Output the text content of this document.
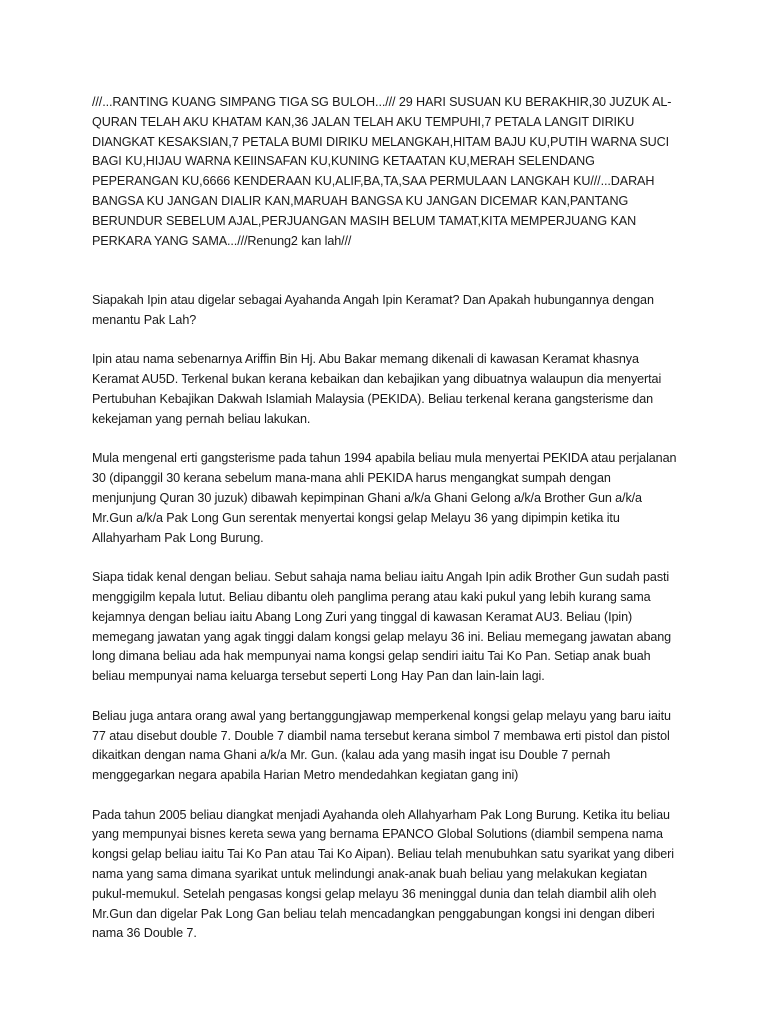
///...RANTING KUANG SIMPANG TIGA SG BULOH.../// 29 HARI SUSUAN KU BERAKHIR,30 JUZUK AL-QURAN TELAH AKU KHATAM KAN,36 JALAN TELAH AKU TEMPUHI,7 PETALA LANGIT DIRIKU DIANGKAT KESAKSIAN,7 PETALA BUMI DIRIKU MELANGKAH,HITAM BAJU KU,PUTIH WARNA SUCI BAGI KU,HIJAU WARNA KEIINSAFAN KU,KUNING KETAATAN KU,MERAH SELENDANG PEPERANGAN KU,6666 KENDERAAN KU,ALIF,BA,TA,SAA PERMULAAN LANGKAH KU///...DARAH BANGSA KU JANGAN DIALIR KAN,MARUAH BANGSA KU JANGAN DICEMAR KAN,PANTANG BERUNDUR SEBELUM AJAL,PERJUANGAN MASIH BELUM TAMAT,KITA MEMPERJUANG KAN PERKARA YANG SAMA...///Renung2 kan lah///

Siapakah Ipin atau digelar sebagai Ayahanda Angah Ipin Keramat? Dan Apakah hubungannya dengan menantu Pak Lah?

Ipin atau nama sebenarnya Ariffin Bin Hj. Abu Bakar memang dikenali di kawasan Keramat khasnya Keramat AU5D. Terkenal bukan kerana kebaikan dan kebajikan yang dibuatnya walaupun dia menyertai Pertubuhan Kebajikan Dakwah Islamiah Malaysia (PEKIDA). Beliau terkenal kerana gangsterisme dan kekejaman yang pernah beliau lakukan.

Mula mengenal erti gangsterisme pada tahun 1994 apabila beliau mula menyertai PEKIDA atau perjalanan 30 (dipanggil 30 kerana sebelum mana-mana ahli PEKIDA harus mengangkat sumpah dengan menjunjung Quran 30 juzuk) dibawah kepimpinan Ghani a/k/a Ghani Gelong a/k/a Brother Gun a/k/a Mr.Gun a/k/a Pak Long Gun serentak menyertai kongsi gelap Melayu 36 yang dipimpin ketika itu Allahyarham Pak Long Burung.

Siapa tidak kenal dengan beliau. Sebut sahaja nama beliau iaitu Angah Ipin adik Brother Gun sudah pasti menggigilm kepala lutut. Beliau dibantu oleh panglima perang atau kaki pukul yang lebih kurang sama kejamnya dengan beliau iaitu Abang Long Zuri yang tinggal di kawasan Keramat AU3. Beliau (Ipin) memegang jawatan yang agak tinggi dalam kongsi gelap melayu 36 ini. Beliau memegang jawatan abang long dimana beliau ada hak mempunyai nama kongsi gelap sendiri iaitu Tai Ko Pan. Setiap anak buah beliau mempunyai nama keluarga tersebut seperti Long Hay Pan dan lain-lain lagi.

Beliau juga antara orang awal yang bertanggungjawap memperkenal kongsi gelap melayu yang baru iaitu 77 atau disebut double 7. Double 7 diambil nama tersebut kerana simbol 7 membawa erti pistol dan pistol dikaitkan dengan nama Ghani a/k/a Mr. Gun. (kalau ada yang masih ingat isu Double 7 pernah menggegarkan negara apabila Harian Metro mendedahkan kegiatan gang ini)

Pada tahun 2005 beliau diangkat menjadi Ayahanda oleh Allahyarham Pak Long Burung. Ketika itu beliau yang mempunyai bisnes kereta sewa yang bernama EPANCO Global Solutions (diambil sempena nama kongsi gelap beliau iaitu Tai Ko Pan atau Tai Ko Aipan). Beliau telah menubuhkan satu syarikat yang diberi nama yang sama dimana syarikat untuk melindungi anak-anak buah beliau yang melakukan kegiatan pukul-memukul. Setelah pengasas kongsi gelap melayu 36 meninggal dunia dan telah diambil alih oleh Mr.Gun dan digelar Pak Long Gan beliau telah mencadangkan penggabungan kongsi ini dengan diberi nama 36 Double 7.
